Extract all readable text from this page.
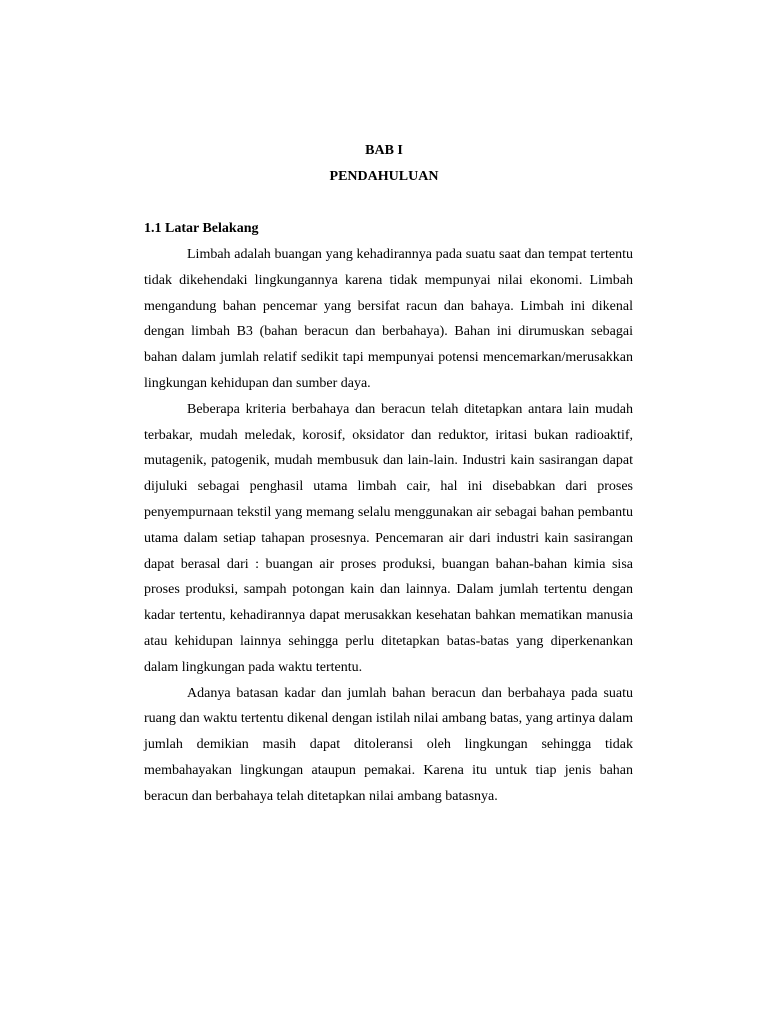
BAB I
PENDAHULUAN
1.1 Latar Belakang

Limbah adalah buangan yang kehadirannya pada suatu saat dan tempat tertentu tidak dikehendaki lingkungannya karena tidak mempunyai nilai ekonomi. Limbah mengandung bahan pencemar yang bersifat racun dan bahaya. Limbah ini dikenal dengan limbah B3 (bahan beracun dan berbahaya). Bahan ini dirumuskan sebagai bahan dalam jumlah relatif sedikit tapi mempunyai potensi mencemarkan/merusakkan lingkungan kehidupan dan sumber daya.

Beberapa kriteria berbahaya dan beracun telah ditetapkan antara lain mudah terbakar, mudah meledak, korosif, oksidator dan reduktor, iritasi bukan radioaktif, mutagenik, patogenik, mudah membusuk dan lain-lain. Industri kain sasirangan dapat dijuluki sebagai penghasil utama limbah cair, hal ini disebabkan dari proses penyempurnaan tekstil yang memang selalu menggunakan air sebagai bahan pembantu utama dalam setiap tahapan prosesnya. Pencemaran air dari industri kain sasirangan dapat berasal dari : buangan air proses produksi, buangan bahan-bahan kimia sisa proses produksi, sampah potongan kain dan lainnya. Dalam jumlah tertentu dengan kadar tertentu, kehadirannya dapat merusakkan kesehatan bahkan mematikan manusia atau kehidupan lainnya sehingga perlu ditetapkan batas-batas yang diperkenankan dalam lingkungan pada waktu tertentu.

Adanya batasan kadar dan jumlah bahan beracun dan berbahaya pada suatu ruang dan waktu tertentu dikenal dengan istilah nilai ambang batas, yang artinya dalam jumlah demikian masih dapat ditoleransi oleh lingkungan sehingga tidak membahayakan lingkungan ataupun pemakai. Karena itu untuk tiap jenis bahan beracun dan berbahaya telah ditetapkan nilai ambang batasnya.
